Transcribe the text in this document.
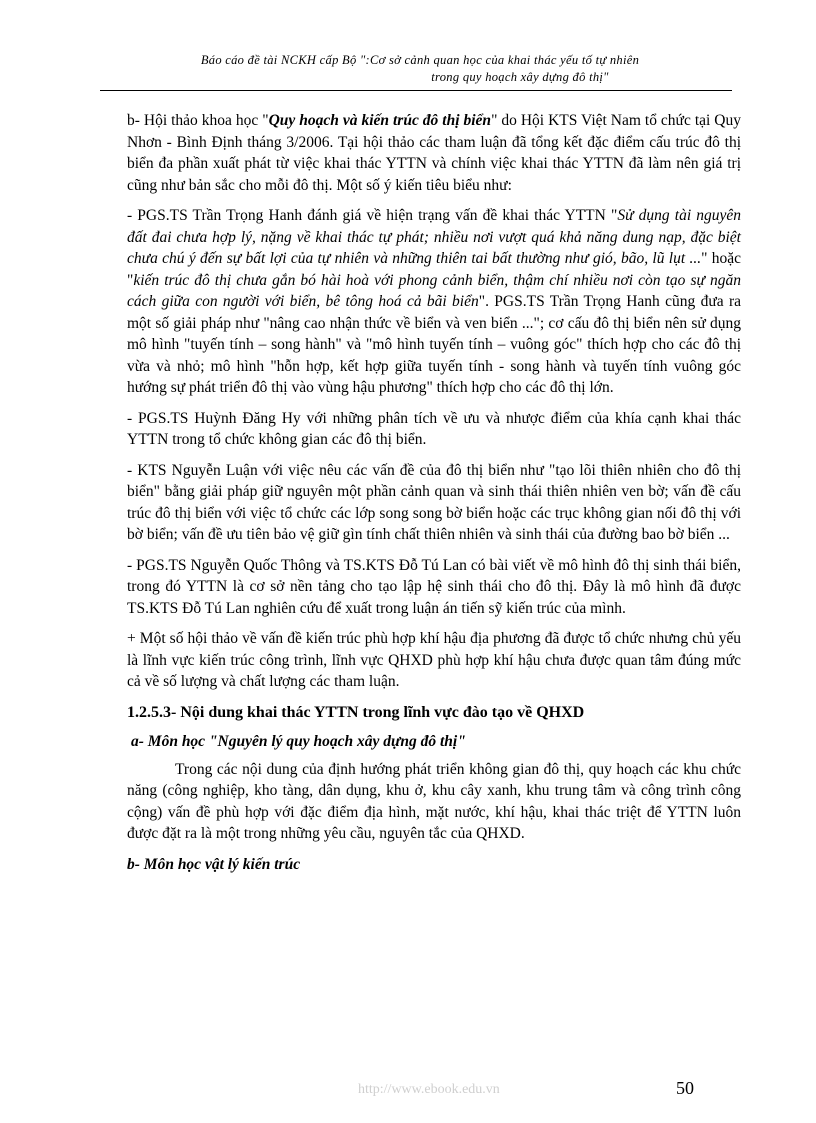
Báo cáo đề tài NCKH cấp Bộ ":Cơ sở cảnh quan học của khai thác yếu tố tự nhiên
trong quy hoạch xây dựng đô thị"

b- Hội thảo khoa học "Quy hoạch và kiến trúc đô thị biển" do Hội KTS Việt Nam tổ chức tại Quy Nhơn - Bình Định tháng 3/2006. Tại hội thảo các tham luận đã tổng kết đặc điểm cấu trúc đô thị biển đa phần xuất phát từ việc khai thác YTTN và chính việc khai thác YTTN đã làm nên giá trị cũng như bản sắc cho mỗi đô thị. Một số ý kiến tiêu biểu như:

- PGS.TS Trần Trọng Hanh đánh giá về hiện trạng vấn đề khai thác YTTN "Sử dụng tài nguyên đất đai chưa hợp lý, nặng về khai thác tự phát; nhiều nơi vượt quá khả năng dung nạp, đặc biệt chưa chú ý đến sự bất lợi của tự nhiên và những thiên tai bất thường như gió, bão, lũ lụt ..." hoặc "kiến trúc đô thị chưa gắn bó hài hoà với phong cảnh biển, thậm chí nhiều nơi còn tạo sự ngăn cách giữa con người với biển, bê tông hoá cả bãi biển". PGS.TS Trần Trọng Hanh cũng đưa ra một số giải pháp như "nâng cao nhận thức về biển và ven biển ..."; cơ cấu đô thị biển nên sử dụng mô hình "tuyến tính – song hành" và "mô hình tuyến tính – vuông góc" thích hợp cho các đô thị vừa và nhỏ; mô hình "hỗn hợp, kết hợp giữa tuyến tính - song hành và tuyến tính vuông góc hướng sự phát triển đô thị vào vùng hậu phương" thích hợp cho các đô thị lớn.

- PGS.TS Huỳnh Đăng Hy với những phân tích về ưu và nhược điểm của khía cạnh khai thác YTTN trong tổ chức không gian các đô thị biển.

- KTS Nguyễn Luận với việc nêu các vấn đề của đô thị biển như "tạo lõi thiên nhiên cho đô thị biển" bằng giải pháp giữ nguyên một phần cảnh quan và sinh thái thiên nhiên ven bờ; vấn đề cấu trúc đô thị biển với việc tổ chức các lớp song song bờ biển hoặc các trục không gian nối đô thị với bờ biển; vấn đề ưu tiên bảo vệ giữ gìn tính chất thiên nhiên và sinh thái của đường bao bờ biển ...

- PGS.TS Nguyễn Quốc Thông và TS.KTS Đỗ Tú Lan có bài viết về mô hình đô thị sinh thái biển, trong đó YTTN là cơ sở nền tảng cho tạo lập hệ sinh thái cho đô thị. Đây là mô hình đã được TS.KTS Đỗ Tú Lan nghiên cứu để xuất trong luận án tiến sỹ kiến trúc của mình.

+ Một số hội thảo về vấn đề kiến trúc phù hợp khí hậu địa phương đã được tổ chức nhưng chủ yếu là lĩnh vực kiến trúc công trình, lĩnh vực QHXD phù hợp khí hậu chưa được quan tâm đúng mức cả về số lượng và chất lượng các tham luận.

1.2.5.3- Nội dung khai thác YTTN trong lĩnh vực đào tạo về QHXD

a- Môn học "Nguyên lý quy hoạch xây dựng đô thị"

Trong các nội dung của định hướng phát triển không gian đô thị, quy hoạch các khu chức năng (công nghiệp, kho tàng, dân dụng, khu ở, khu cây xanh, khu trung tâm và công trình công cộng) vấn đề phù hợp với đặc điểm địa hình, mặt nước, khí hậu, khai thác triệt để YTTN luôn được đặt ra là một trong những yêu cầu, nguyên tắc của QHXD.

b- Môn học vật lý kiến trúc

http://www.ebook.edu.vn	50
